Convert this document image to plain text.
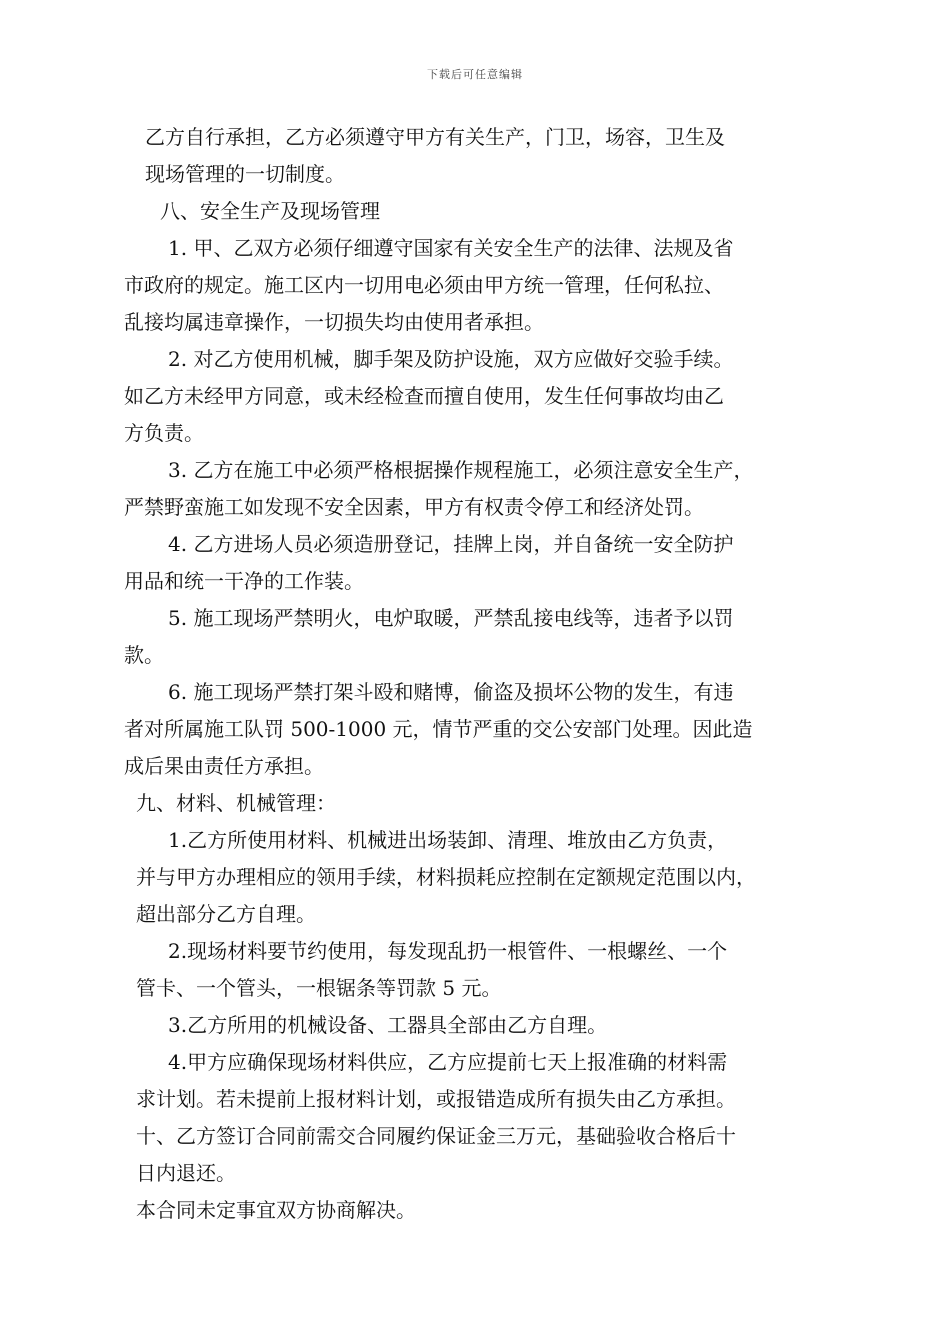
下载后可任意编辑
乙方自行承担，乙方必须遵守甲方有关生产，门卫，场容，卫生及
现场管理的一切制度。
八、安全生产及现场管理
1. 甲、乙双方必须仔细遵守国家有关安全生产的法律、法规及省
市政府的规定。施工区内一切用电必须由甲方统一管理，任何私拉、
乱接均属违章操作，一切损失均由使用者承担。
2. 对乙方使用机械，脚手架及防护设施，双方应做好交验手续。
如乙方未经甲方同意，或未经检查而擅自使用，发生任何事故均由乙
方负责。
3. 乙方在施工中必须严格根据操作规程施工，必须注意安全生产，
严禁野蛮施工如发现不安全因素，甲方有权责令停工和经济处罚。
4. 乙方进场人员必须造册登记，挂牌上岗，并自备统一安全防护
用品和统一干净的工作装。
5. 施工现场严禁明火，电炉取暖，严禁乱接电线等，违者予以罚
款。
6. 施工现场严禁打架斗殴和赌博，偷盗及损坏公物的发生，有违
者对所属施工队罚 500-1000 元，情节严重的交公安部门处理。因此造
成后果由责任方承担。
九、材料、机械管理：
1.乙方所使用材料、机械进出场装卸、清理、堆放由乙方负责，
并与甲方办理相应的领用手续，材料损耗应控制在定额规定范围以内，
超出部分乙方自理。
2.现场材料要节约使用，每发现乱扔一根管件、一根螺丝、一个
管卡、一个管头，一根锯条等罚款 5 元。
3.乙方所用的机械设备、工器具全部由乙方自理。
4.甲方应确保现场材料供应，乙方应提前七天上报准确的材料需
求计划。若未提前上报材料计划，或报错造成所有损失由乙方承担。
十、乙方签订合同前需交合同履约保证金三万元，基础验收合格后十
日内退还。
本合同未定事宜双方协商解决。
